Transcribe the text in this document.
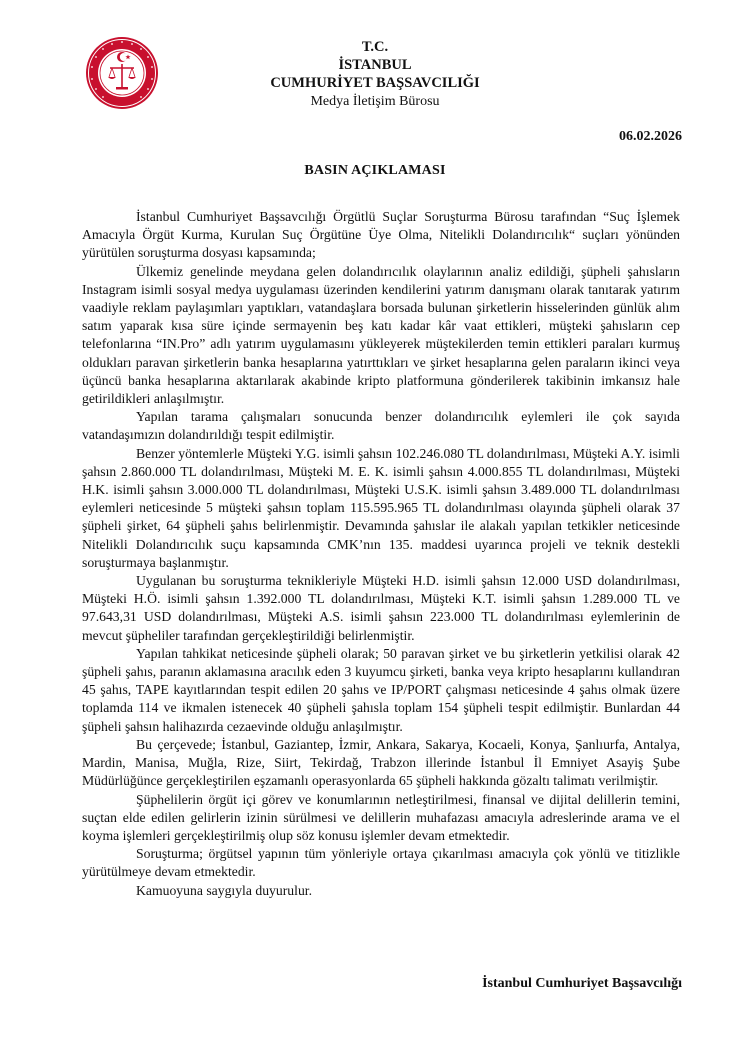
T.C.
İSTANBUL
CUMHURİYET BAŞSAVCILIĞI
Medya İletişim Bürosu
06.02.2026
BASIN AÇIKLAMASI

İstanbul Cumhuriyet Başsavcılığı Örgütlü Suçlar Soruşturma Bürosu tarafından “Suç İşlemek Amacıyla Örgüt Kurma, Kurulan Suç Örgütüne Üye Olma, Nitelikli Dolandırıcılık“ suçları yönünden yürütülen soruşturma dosyası kapsamında;

Ülkemiz genelinde meydana gelen dolandırıcılık olaylarının analiz edildiği, şüpheli şahısların Instagram isimli sosyal medya uygulaması üzerinden kendilerini yatırım danışmanı olarak tanıtarak yatırım vaadiyle reklam paylaşımları yaptıkları, vatandaşlara borsada bulunan şirketlerin hisselerinden günlük alım satım yaparak kısa süre içinde sermayenin beş katı kadar kâr vaat ettikleri, müşteki şahısların cep telefonlarına “IN.Pro” adlı yatırım uygulamasını yükleyerek müştekilerden temin ettikleri paraları kurmuş oldukları paravan şirketlerin banka hesaplarına yatırttıkları ve şirket hesaplarına gelen paraların ikinci veya üçüncü banka hesaplarına aktarılarak akabinde kripto platformuna gönderilerek takibinin imkansız hale getirildikleri anlaşılmıştır.

Yapılan tarama çalışmaları sonucunda benzer dolandırıcılık eylemleri ile çok sayıda vatandaşımızın dolandırıldığı tespit edilmiştir.

Benzer yöntemlerle Müşteki Y.G. isimli şahsın 102.246.080 TL dolandırılması, Müşteki A.Y. isimli şahsın 2.860.000 TL dolandırılması, Müşteki M. E. K. isimli şahsın 4.000.855 TL dolandırılması, Müşteki H.K. isimli şahsın 3.000.000 TL dolandırılması, Müşteki U.S.K. isimli şahsın 3.489.000 TL dolandırılması eylemleri neticesinde 5 müşteki şahsın toplam 115.595.965 TL dolandırılması olayında şüpheli olarak 37 şüpheli şirket, 64 şüpheli şahıs belirlenmiştir. Devamında şahıslar ile alakalı yapılan tetkikler neticesinde Nitelikli Dolandırıcılık suçu kapsamında CMK’nın 135. maddesi uyarınca projeli ve teknik destekli soruşturmaya başlanmıştır.

Uygulanan bu soruşturma teknikleriyle Müşteki H.D. isimli şahsın 12.000 USD dolandırılması, Müşteki H.Ö. isimli şahsın 1.392.000 TL dolandırılması, Müşteki K.T. isimli şahsın 1.289.000 TL ve 97.643,31 USD dolandırılması, Müşteki A.S. isimli şahsın 223.000 TL dolandırılması eylemlerinin de mevcut şüpheliler tarafından gerçekleştirildiği belirlenmiştir.

Yapılan tahkikat neticesinde şüpheli olarak; 50 paravan şirket ve bu şirketlerin yetkilisi olarak 42 şüpheli şahıs, paranın aklamasına aracılık eden 3 kuyumcu şirketi, banka veya kripto hesaplarını kullandıran 45 şahıs, TAPE kayıtlarından tespit edilen 20 şahıs ve IP/PORT çalışması neticesinde 4 şahıs olmak üzere toplamda 114 ve ikmalen istenecek 40 şüpheli şahısla toplam 154 şüpheli tespit edilmiştir. Bunlardan 44 şüpheli şahsın halihazırda cezaevinde olduğu anlaşılmıştır.

Bu çerçevede; İstanbul, Gaziantep, İzmir, Ankara, Sakarya, Kocaeli, Konya, Şanlıurfa, Antalya, Mardin, Manisa, Muğla, Rize, Siirt, Tekirdağ, Trabzon illerinde İstanbul İl Emniyet Asayiş Şube Müdürlüğünce gerçekleştirilen eşzamanlı operasyonlarda 65 şüpheli hakkında gözaltı talimatı verilmiştir.

Şüphelilerin örgüt içi görev ve konumlarının netleştirilmesi, finansal ve dijital delillerin temini, suçtan elde edilen gelirlerin izinin sürülmesi ve delillerin muhafazası amacıyla adreslerinde arama ve el koyma işlemleri gerçekleştirilmiş olup söz konusu işlemler devam etmektedir.

Soruşturma; örgütsel yapının tüm yönleriyle ortaya çıkarılması amacıyla çok yönlü ve titizlikle yürütülmeye devam etmektedir.

Kamuoyuna saygıyla duyurulur.

İstanbul Cumhuriyet Başsavcılığı
